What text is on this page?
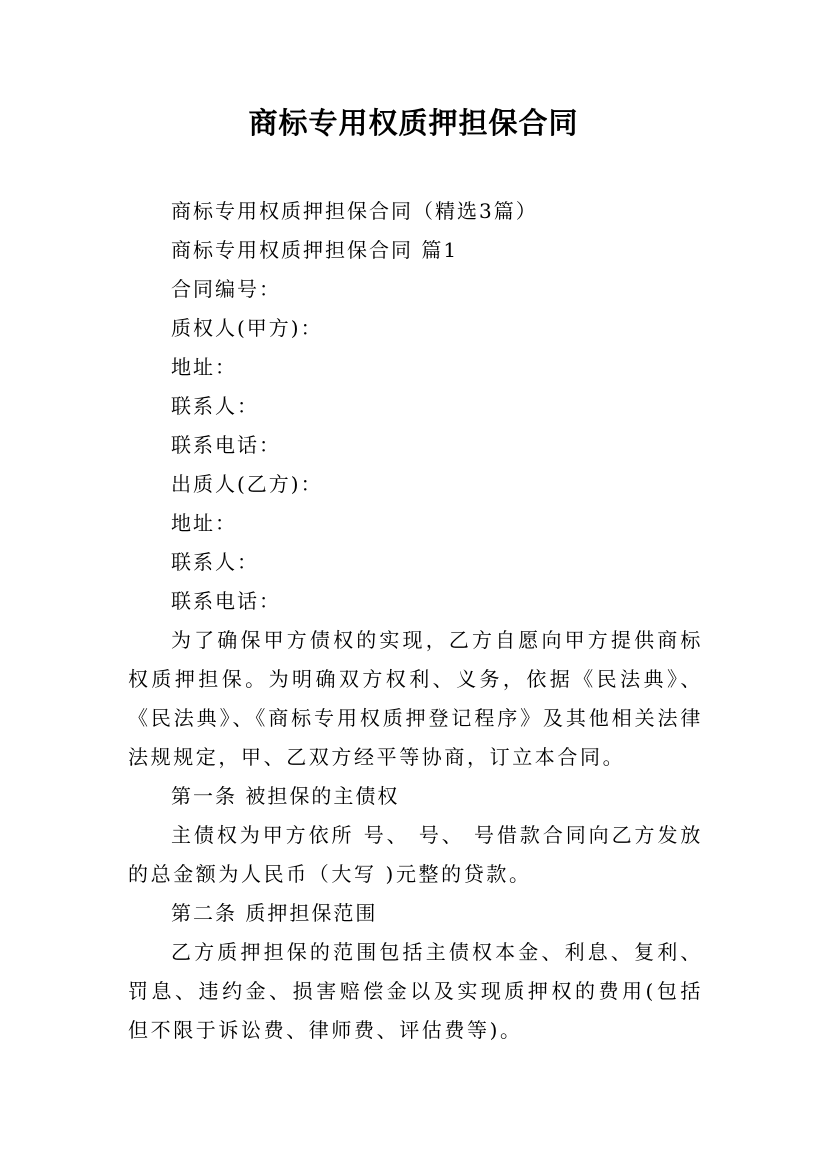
商标专用权质押担保合同

商标专用权质押担保合同（精选3篇）

商标专用权质押担保合同 篇1

合同编号：

质权人(甲方)：

地址：

联系人：

联系电话：

出质人(乙方)：

地址：

联系人：

联系电话：

为了确保甲方债权的实现，乙方自愿向甲方提供商标权质押担保。为明确双方权利、义务，依据《民法典》、《民法典》、《商标专用权质押登记程序》及其他相关法律法规规定，甲、乙双方经平等协商，订立本合同。

第一条 被担保的主债权

主债权为甲方依所 号、 号、 号借款合同向乙方发放的总金额为人民币（大写 )元整的贷款。

第二条 质押担保范围

乙方质押担保的范围包括主债权本金、利息、复利、罚息、违约金、损害赔偿金以及实现质押权的费用(包括但不限于诉讼费、律师费、评估费等)。
